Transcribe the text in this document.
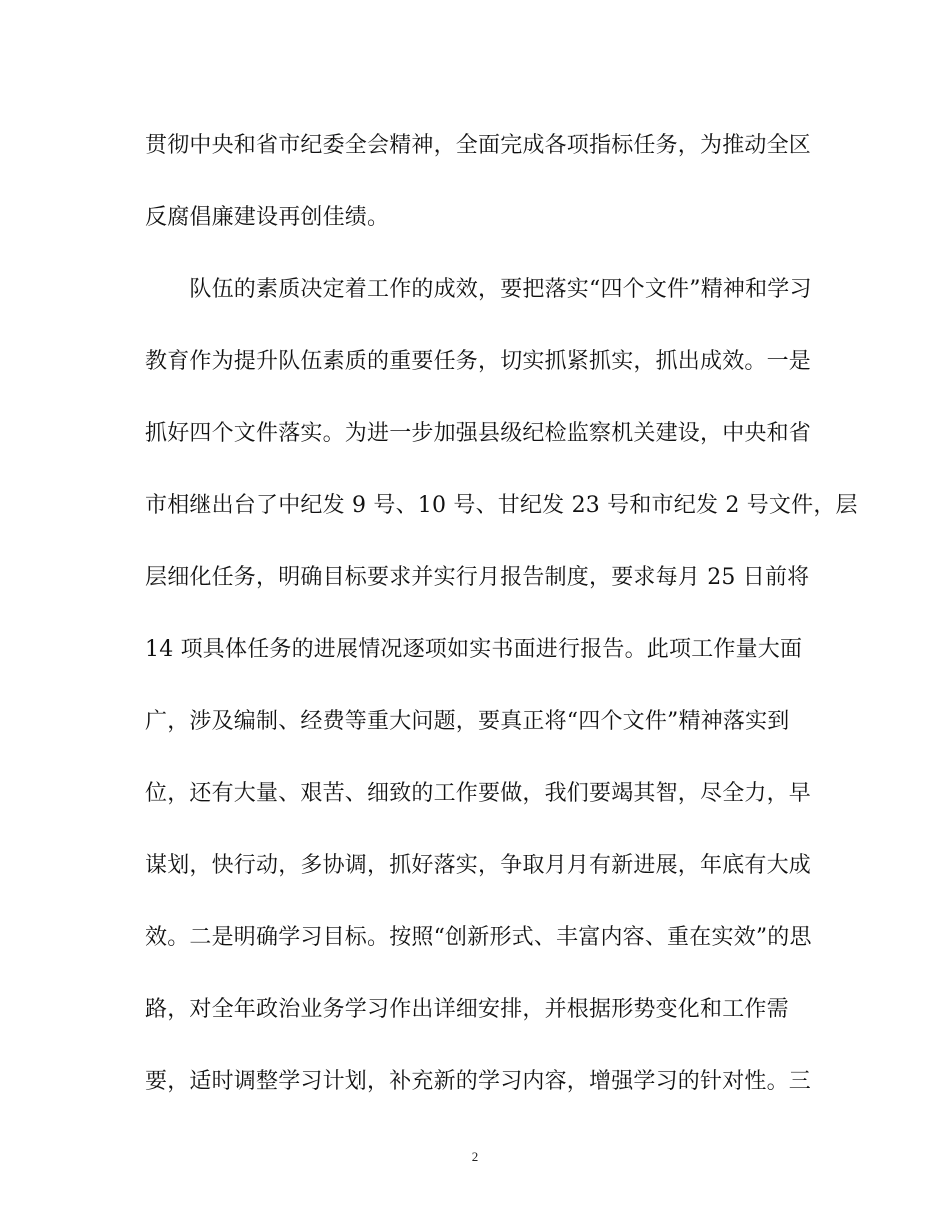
贯彻中央和省市纪委全会精神，全面完成各项指标任务，为推动全区
反腐倡廉建设再创佳绩。
　　队伍的素质决定着工作的成效，要把落实“四个文件”精神和学习
教育作为提升队伍素质的重要任务，切实抓紧抓实，抓出成效。一是
抓好四个文件落实。为进一步加强县级纪检监察机关建设，中央和省
市相继出台了中纪发 9 号、10 号、甘纪发 23 号和市纪发 2 号文件，层
层细化任务，明确目标要求并实行月报告制度，要求每月 25 日前将
14 项具体任务的进展情况逐项如实书面进行报告。此项工作量大面
广，涉及编制、经费等重大问题，要真正将“四个文件”精神落实到
位，还有大量、艰苦、细致的工作要做，我们要竭其智，尽全力，早
谋划，快行动，多协调，抓好落实，争取月月有新进展，年底有大成
效。二是明确学习目标。按照“创新形式、丰富内容、重在实效”的思
路，对全年政治业务学习作出详细安排，并根据形势变化和工作需
要，适时调整学习计划，补充新的学习内容，增强学习的针对性。三
2
